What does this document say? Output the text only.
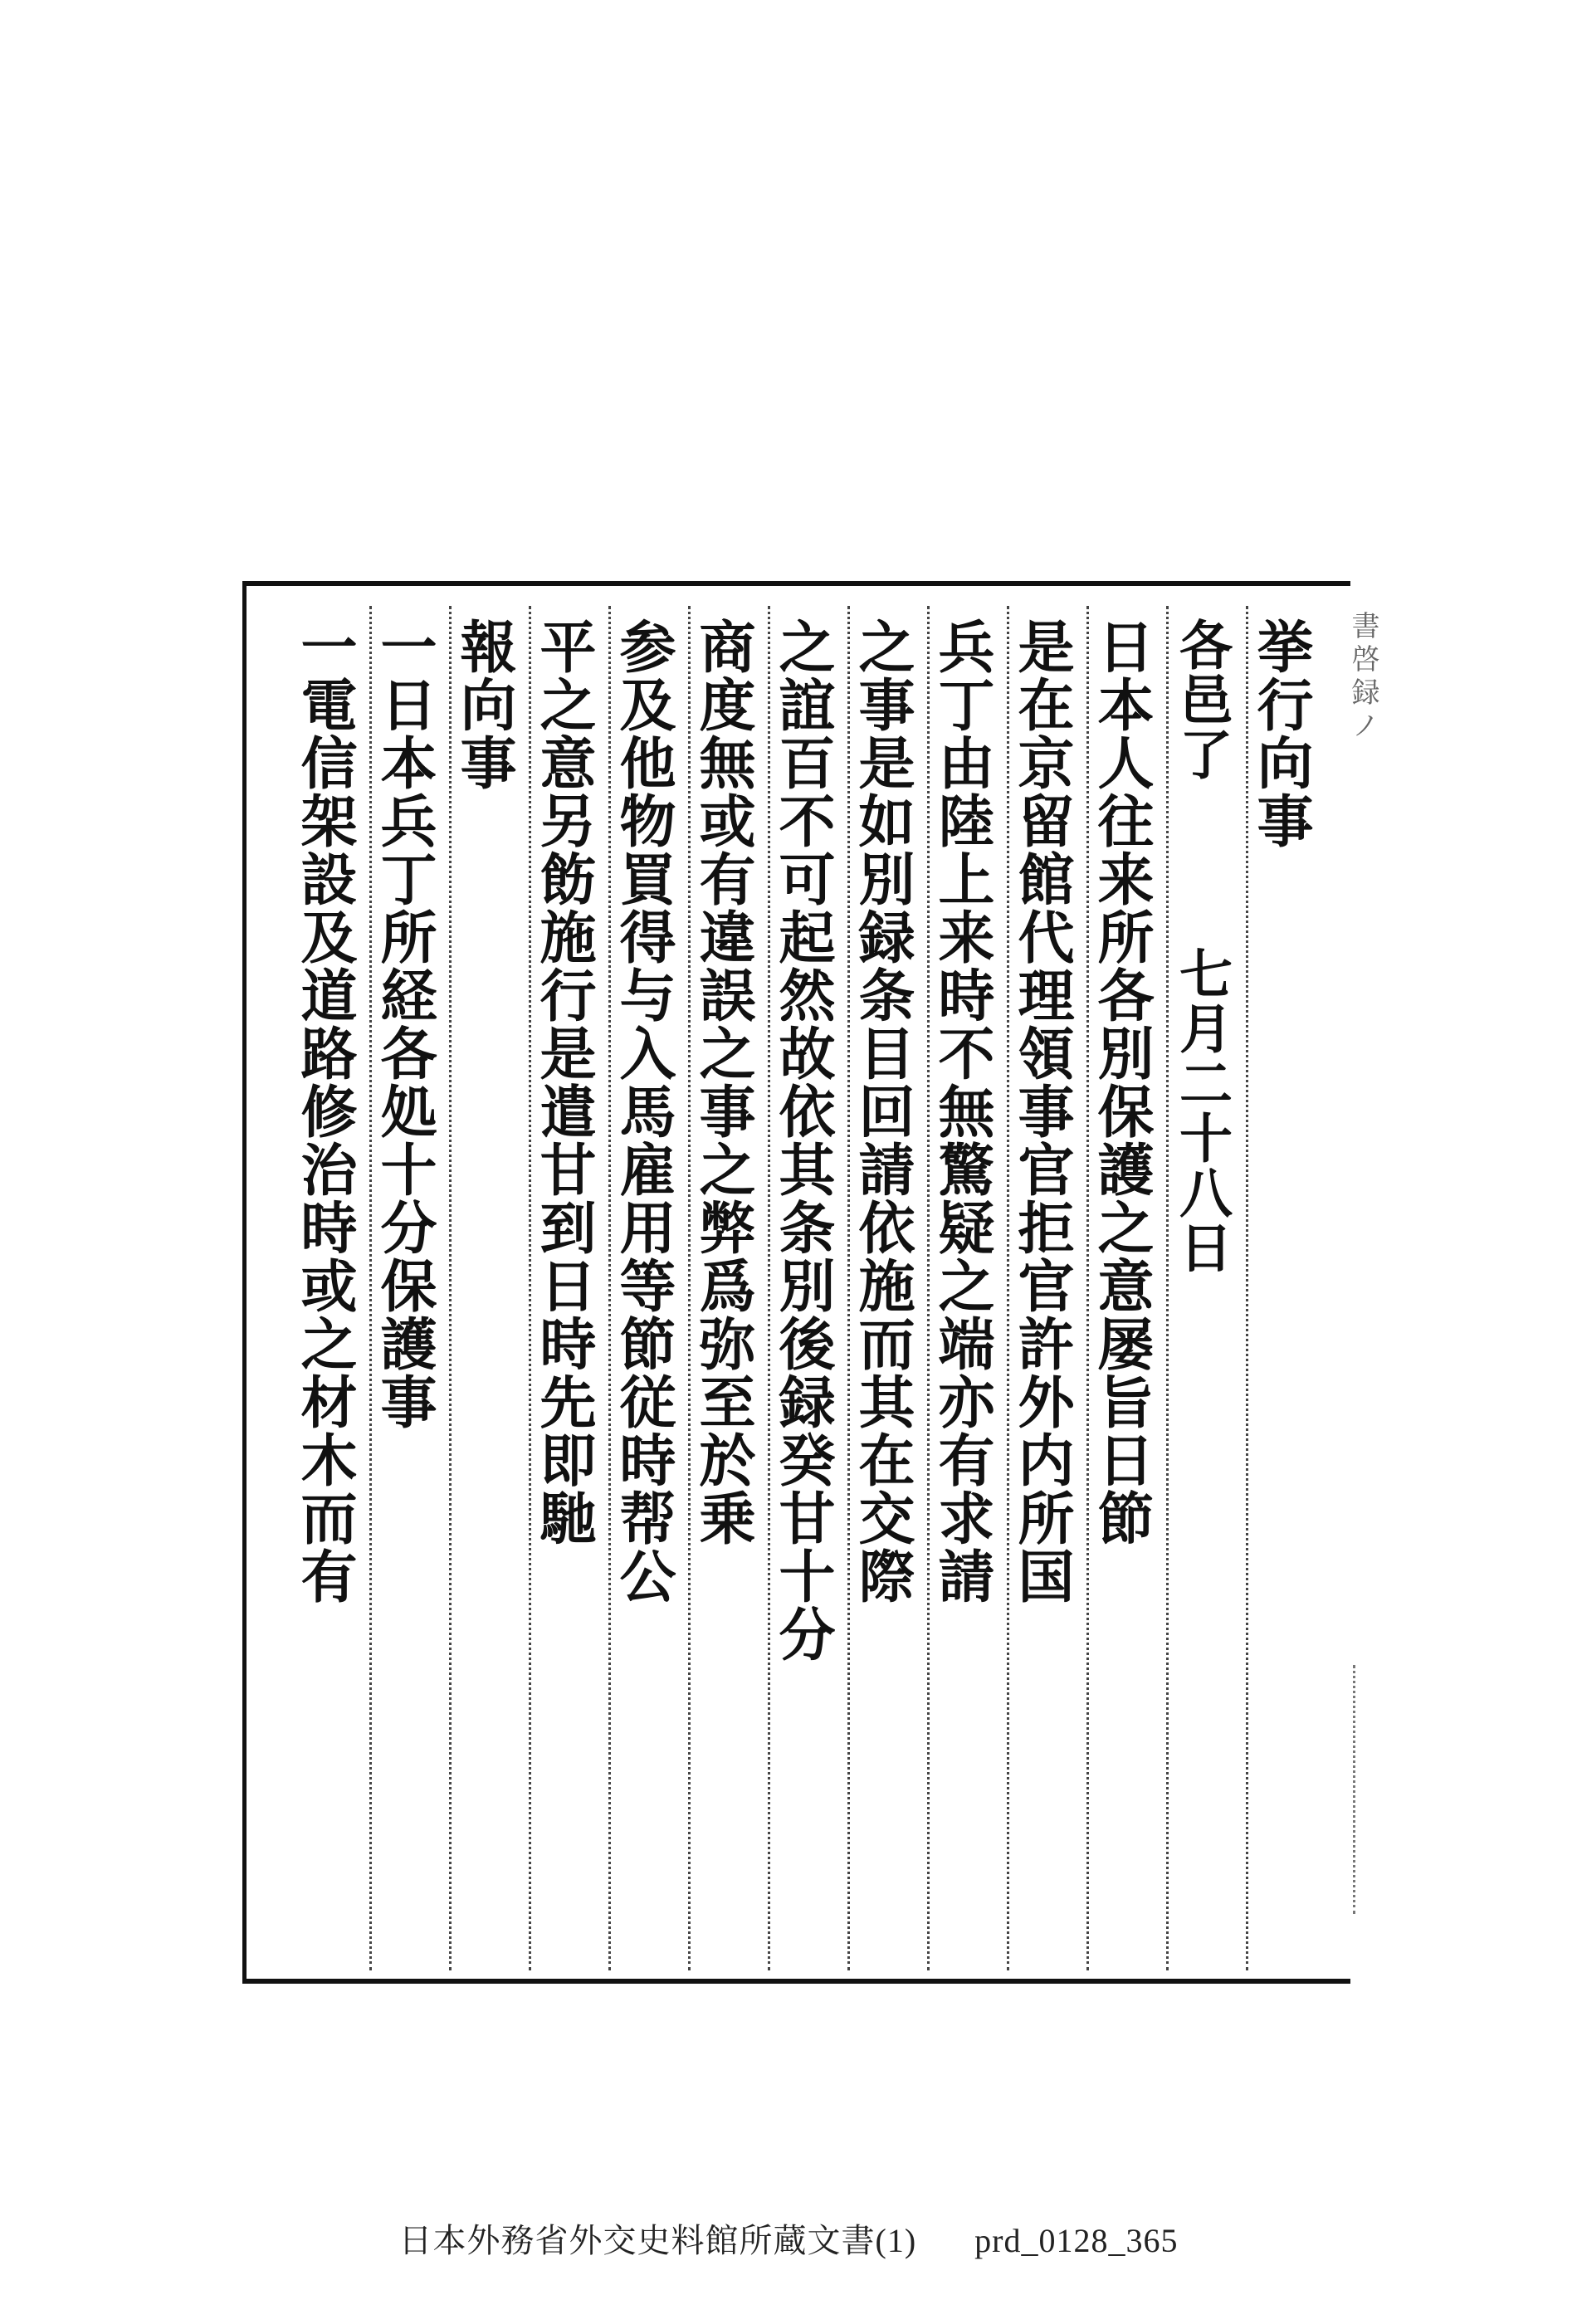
書啓録ノ
挙行向事
各邑了　　　七月二十八日
日本人往来所各別保護之意屡旨日節
是在京留館代理領事官拒官許外内所国
兵丁由陸上来時不無驚疑之端亦有求請
之事是如別録条目回請依施而其在交際
之誼百不可起然故依其条別後録癸甘十分
商度無或有違誤之事之弊爲弥至於乗
参及他物買得与入馬雇用等節従時帮公
平之意另飭施行是遣甘到日時先即馳
報向事
一日本兵丁所経各処十分保護事
一電信架設及道路修治時或之材木而有
日本外務省外交史料館所蔵文書(1) prd_0128_365
